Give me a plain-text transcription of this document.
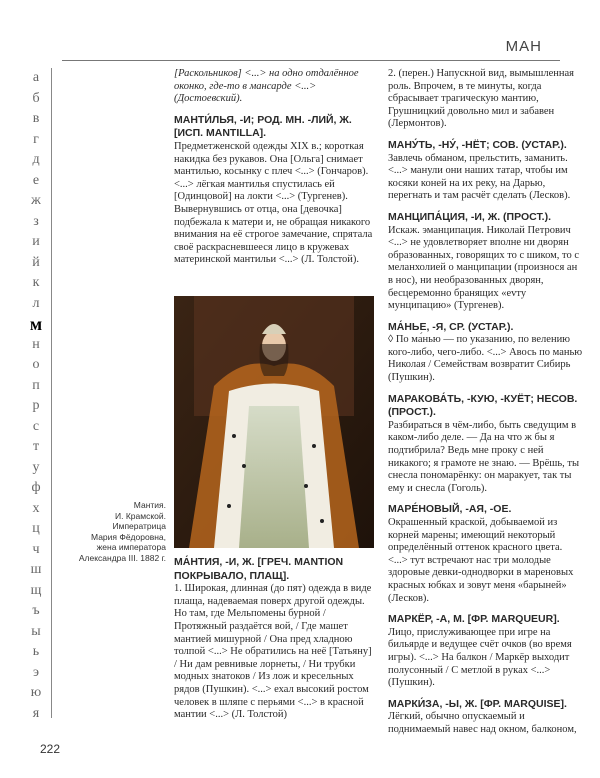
МАН
а
б
в
г
д
е
ж
з
и
й
к
л
м
н
о
п
р
с
т
у
ф
х
ц
ч
ш
щ
ъ
ы
ь
э
ю
я

[Раскольников] <...> на одно отдалённое оконко, где-то в мансарде <...> (Достоевский).

МАНТИ́ЛЬЯ, -И; РОД. МН. -ЛИЙ, Ж. [ИСП. MANTILLA].
Предметженской одежды XIX в.; короткая накидка без рукавов. Она [Ольга] снимает мантилью, косынку с плеч <...> (Гончаров). <...> лёгкая мантилья спустилась ей [Одинцовой] на локти <...> (Тургенев). Вывернувшись от отца, она [девочка] подбежала к матери и, не обращая никакого внимания на её строгое замечание, спрятала своё раскрасневшееся лицо в кружевах материнской мантильи <...> (Л. Толстой).

Мантия.
И. Крамской.
Императрица
Мария Фёдоровна,
жена императора
Александра III. 1882 г. МА́НТИЯ, -И, Ж. [ГРЕЧ. MANTION ПОКРЫВАЛО, ПЛАЩ].
1. Широкая, длинная (до пят) одежда в виде плаща, надеваемая поверх другой одежды. Но там, где Мельпомены бурной / Протяжный раздаётся вой, / Где машет мантией мишурной / Она пред хладною толпой <...> Не обратились на неё [Татьяну] / Ни дам ревнивые лорнеты, / Ни трубки модных знатоков / Из лож и кресельных рядов (Пушкин). <...> ехал высокий ростом человек в шляпе с перьями <...> в красной мантии <...> (Л. Толстой)

2. (перен.) Напускной вид, вымышленная роль. Впрочем, в те минуты, когда сбрасывает трагическую мантию, Грушницкий довольно мил и забавен (Лермонтов).

МАНУ́ТЬ, -НУ́, -НЁТ; СОВ. (УСТАР.).
Завлечь обманом, прельстить, заманить. <...> манули они наших татар, чтобы им косяки коней на их реку, на Дарью, перегнать и там расчёт сделать (Лесков).

МАНЦИПА́ЦИЯ, -И, Ж. (ПРОСТ.).
Искаж. эманципация. Николай Петрович <...> не удовлетворяет вполне ни дворян образованных, говорящих то с шиком, то с меланхолией о манципации (произнося ан в нос), ни необразованных дворян, бесцеремонно бранящих «evту мунципацию» (Тургенев).

МА́НЬЕ, -Я, СР. (УСТАР.).
◊ По ма́нью — по указанию, по велению кого-либо, чего-либо. <...> Авось по манью Николая / Семействам возвратит Сибирь (Пушкин).

МАРАКОВА́ТЬ, -КУЮ, -КУЁТ; НЕСОВ. (ПРОСТ.).
Разбираться в чём-либо, быть сведущим в каком-либо деле. — Да на что ж бы я подтибрила? Ведь мне проку с ней никакого; я грамоте не знаю. — Врёшь, ты снесла пономарёнку: он маракует, так ты ему и снесла (Гоголь).

МАРЕ́НОВЫЙ, -АЯ, -ОЕ.
Окрашенный краской, добываемой из корней марены; имеющий некоторый определённый оттенок красного цвета. <...> тут встречают нас три молодые здоровые девки-однодворки в мареновых красных юбках и зовут меня «барыней» (Лесков).

МАРКЁР, -А, М. [ФР. MARQUEUR].
Лицо, прислуживающее при игре на бильярде и ведущее счёт очков (во время игры). <...> На балкон / Маркёр выходит полусонный / С метлой в руках <...> (Пушкин).

МАРКИ́ЗА, -Ы, Ж. [ФР. MARQUISE].
Лёгкий, обычно опускаемый и поднимаемый навес над окном, балконом,

222
